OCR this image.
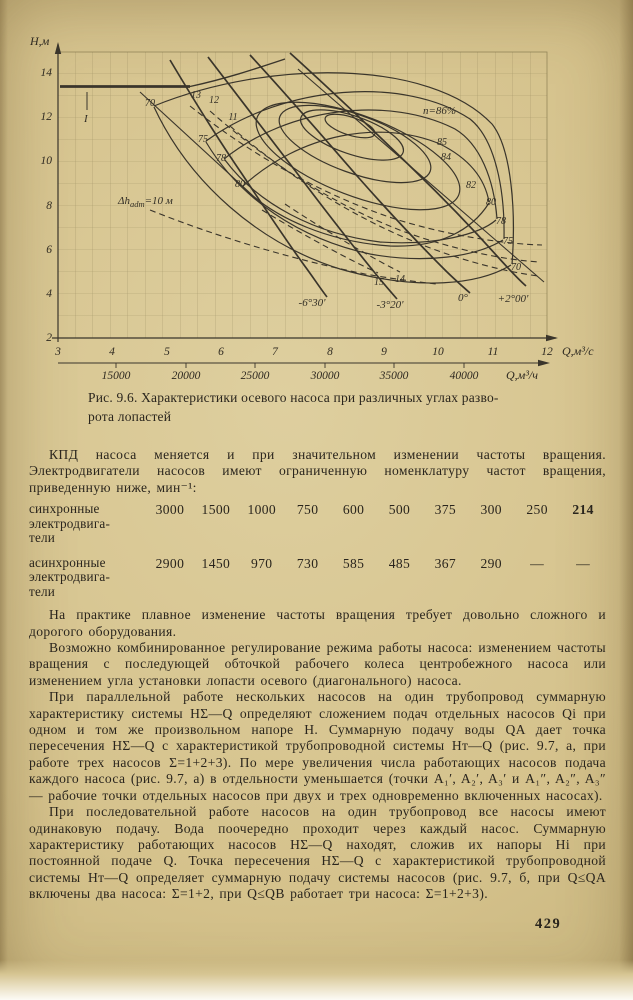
H,м
Q,м³/с
Q,м³/ч
14
12
10
8
6
4
2
3	4	5	6	7	8	9	10	11	12
15000	20000	25000	30000	35000	40000
-6°30'	-3°20'
0°	+2°00'
n=86%
85
84
82
80
78
75
70
70
75
78
80
13 12
11
15 14
$\Delta h_{adm}=10$ м
I
Рис. 9.6. Характеристики осевого насоса при различных углах разво-
рота лопастей

КПД насоса меняется и при значительном изменении частоты вращения. Электродвигатели насосов имеют ограниченную номенклатуру частот вращения, приведенную ниже, мин⁻¹:

синхронные
электродвига-
тели
3000	1500	1000	750	600	500	375	300	250	214
асинхронные
электродвига-
тели
2900	1450	970	730	585	485	367	290	—	—

На практике плавное изменение частоты вращения требует довольно сложного и дорогого оборудования.

Возможно комбинированное регулирование режима работы насоса: изменением частоты вращения с последующей обточкой рабочего колеса центробежного насоса или изменением угла установки лопасти осевого (диагонального) насоса.

При параллельной работе нескольких насосов на один трубопровод суммарную характеристику системы HΣ—Q определяют сложением подач отдельных насосов Qi при одном и том же произвольном напоре H. Суммарную подачу воды QA дает точка пересечения HΣ—Q с характеристикой трубопроводной системы Hт—Q (рис. 9.7, а, при работе трех насосов Σ=1+2+3). По мере увеличения числа работающих насосов подача каждого насоса (рис. 9.7, а) в отдельности уменьшается (точки A₁′, A₂′, A₃′ и A₁″, A₂″, A₃″ — рабочие точки отдельных насосов при двух и трех одновременно включенных насосах).

При последовательной работе насосов на один трубопровод все насосы имеют одинаковую подачу. Вода поочередно проходит через каждый насос. Суммарную характеристику работающих насосов HΣ—Q находят, сложив их напоры Hi при постоянной подаче Q. Точка пересечения HΣ—Q с характеристикой трубопроводной системы Hт—Q определяет суммарную подачу системы насосов (рис. 9.7, б, при Q≤QA включены два насоса: Σ=1+2, при Q≤QB работает три насоса: Σ=1+2+3).

429
